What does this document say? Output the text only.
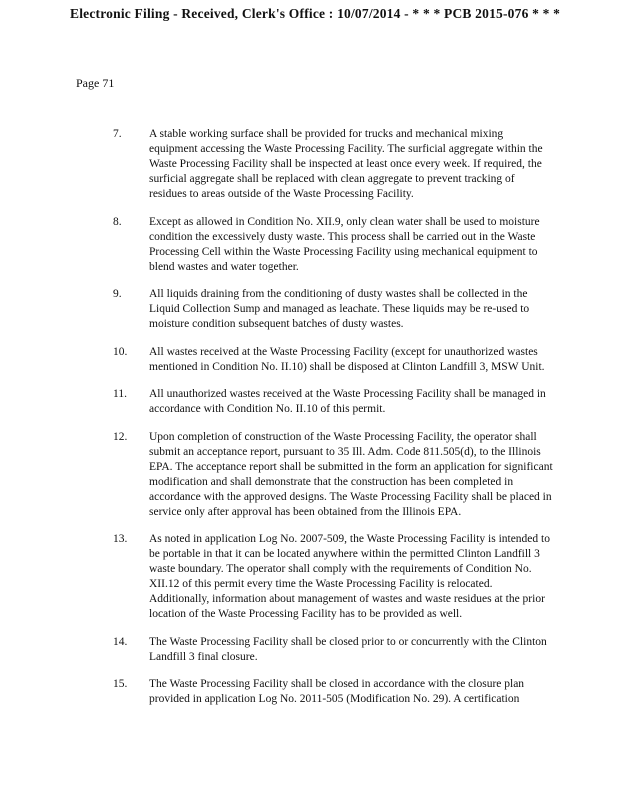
Electronic Filing - Received, Clerk's Office : 10/07/2014 - * * * PCB 2015-076 * * *
Page 71
7. A stable working surface shall be provided for trucks and mechanical mixing equipment accessing the Waste Processing Facility. The surficial aggregate within the Waste Processing Facility shall be inspected at least once every week. If required, the surficial aggregate shall be replaced with clean aggregate to prevent tracking of residues to areas outside of the Waste Processing Facility.
8. Except as allowed in Condition No. XII.9, only clean water shall be used to moisture condition the excessively dusty waste. This process shall be carried out in the Waste Processing Cell within the Waste Processing Facility using mechanical equipment to blend wastes and water together.
9. All liquids draining from the conditioning of dusty wastes shall be collected in the Liquid Collection Sump and managed as leachate. These liquids may be re-used to moisture condition subsequent batches of dusty wastes.
10. All wastes received at the Waste Processing Facility (except for unauthorized wastes mentioned in Condition No. II.10) shall be disposed at Clinton Landfill 3, MSW Unit.
11. All unauthorized wastes received at the Waste Processing Facility shall be managed in accordance with Condition No. II.10 of this permit.
12. Upon completion of construction of the Waste Processing Facility, the operator shall submit an acceptance report, pursuant to 35 Ill. Adm. Code 811.505(d), to the Illinois EPA. The acceptance report shall be submitted in the form an application for significant modification and shall demonstrate that the construction has been completed in accordance with the approved designs. The Waste Processing Facility shall be placed in service only after approval has been obtained from the Illinois EPA.
13. As noted in application Log No. 2007-509, the Waste Processing Facility is intended to be portable in that it can be located anywhere within the permitted Clinton Landfill 3 waste boundary. The operator shall comply with the requirements of Condition No. XII.12 of this permit every time the Waste Processing Facility is relocated. Additionally, information about management of wastes and waste residues at the prior location of the Waste Processing Facility has to be provided as well.
14. The Waste Processing Facility shall be closed prior to or concurrently with the Clinton Landfill 3 final closure.
15. The Waste Processing Facility shall be closed in accordance with the closure plan provided in application Log No. 2011-505 (Modification No. 29). A certification
